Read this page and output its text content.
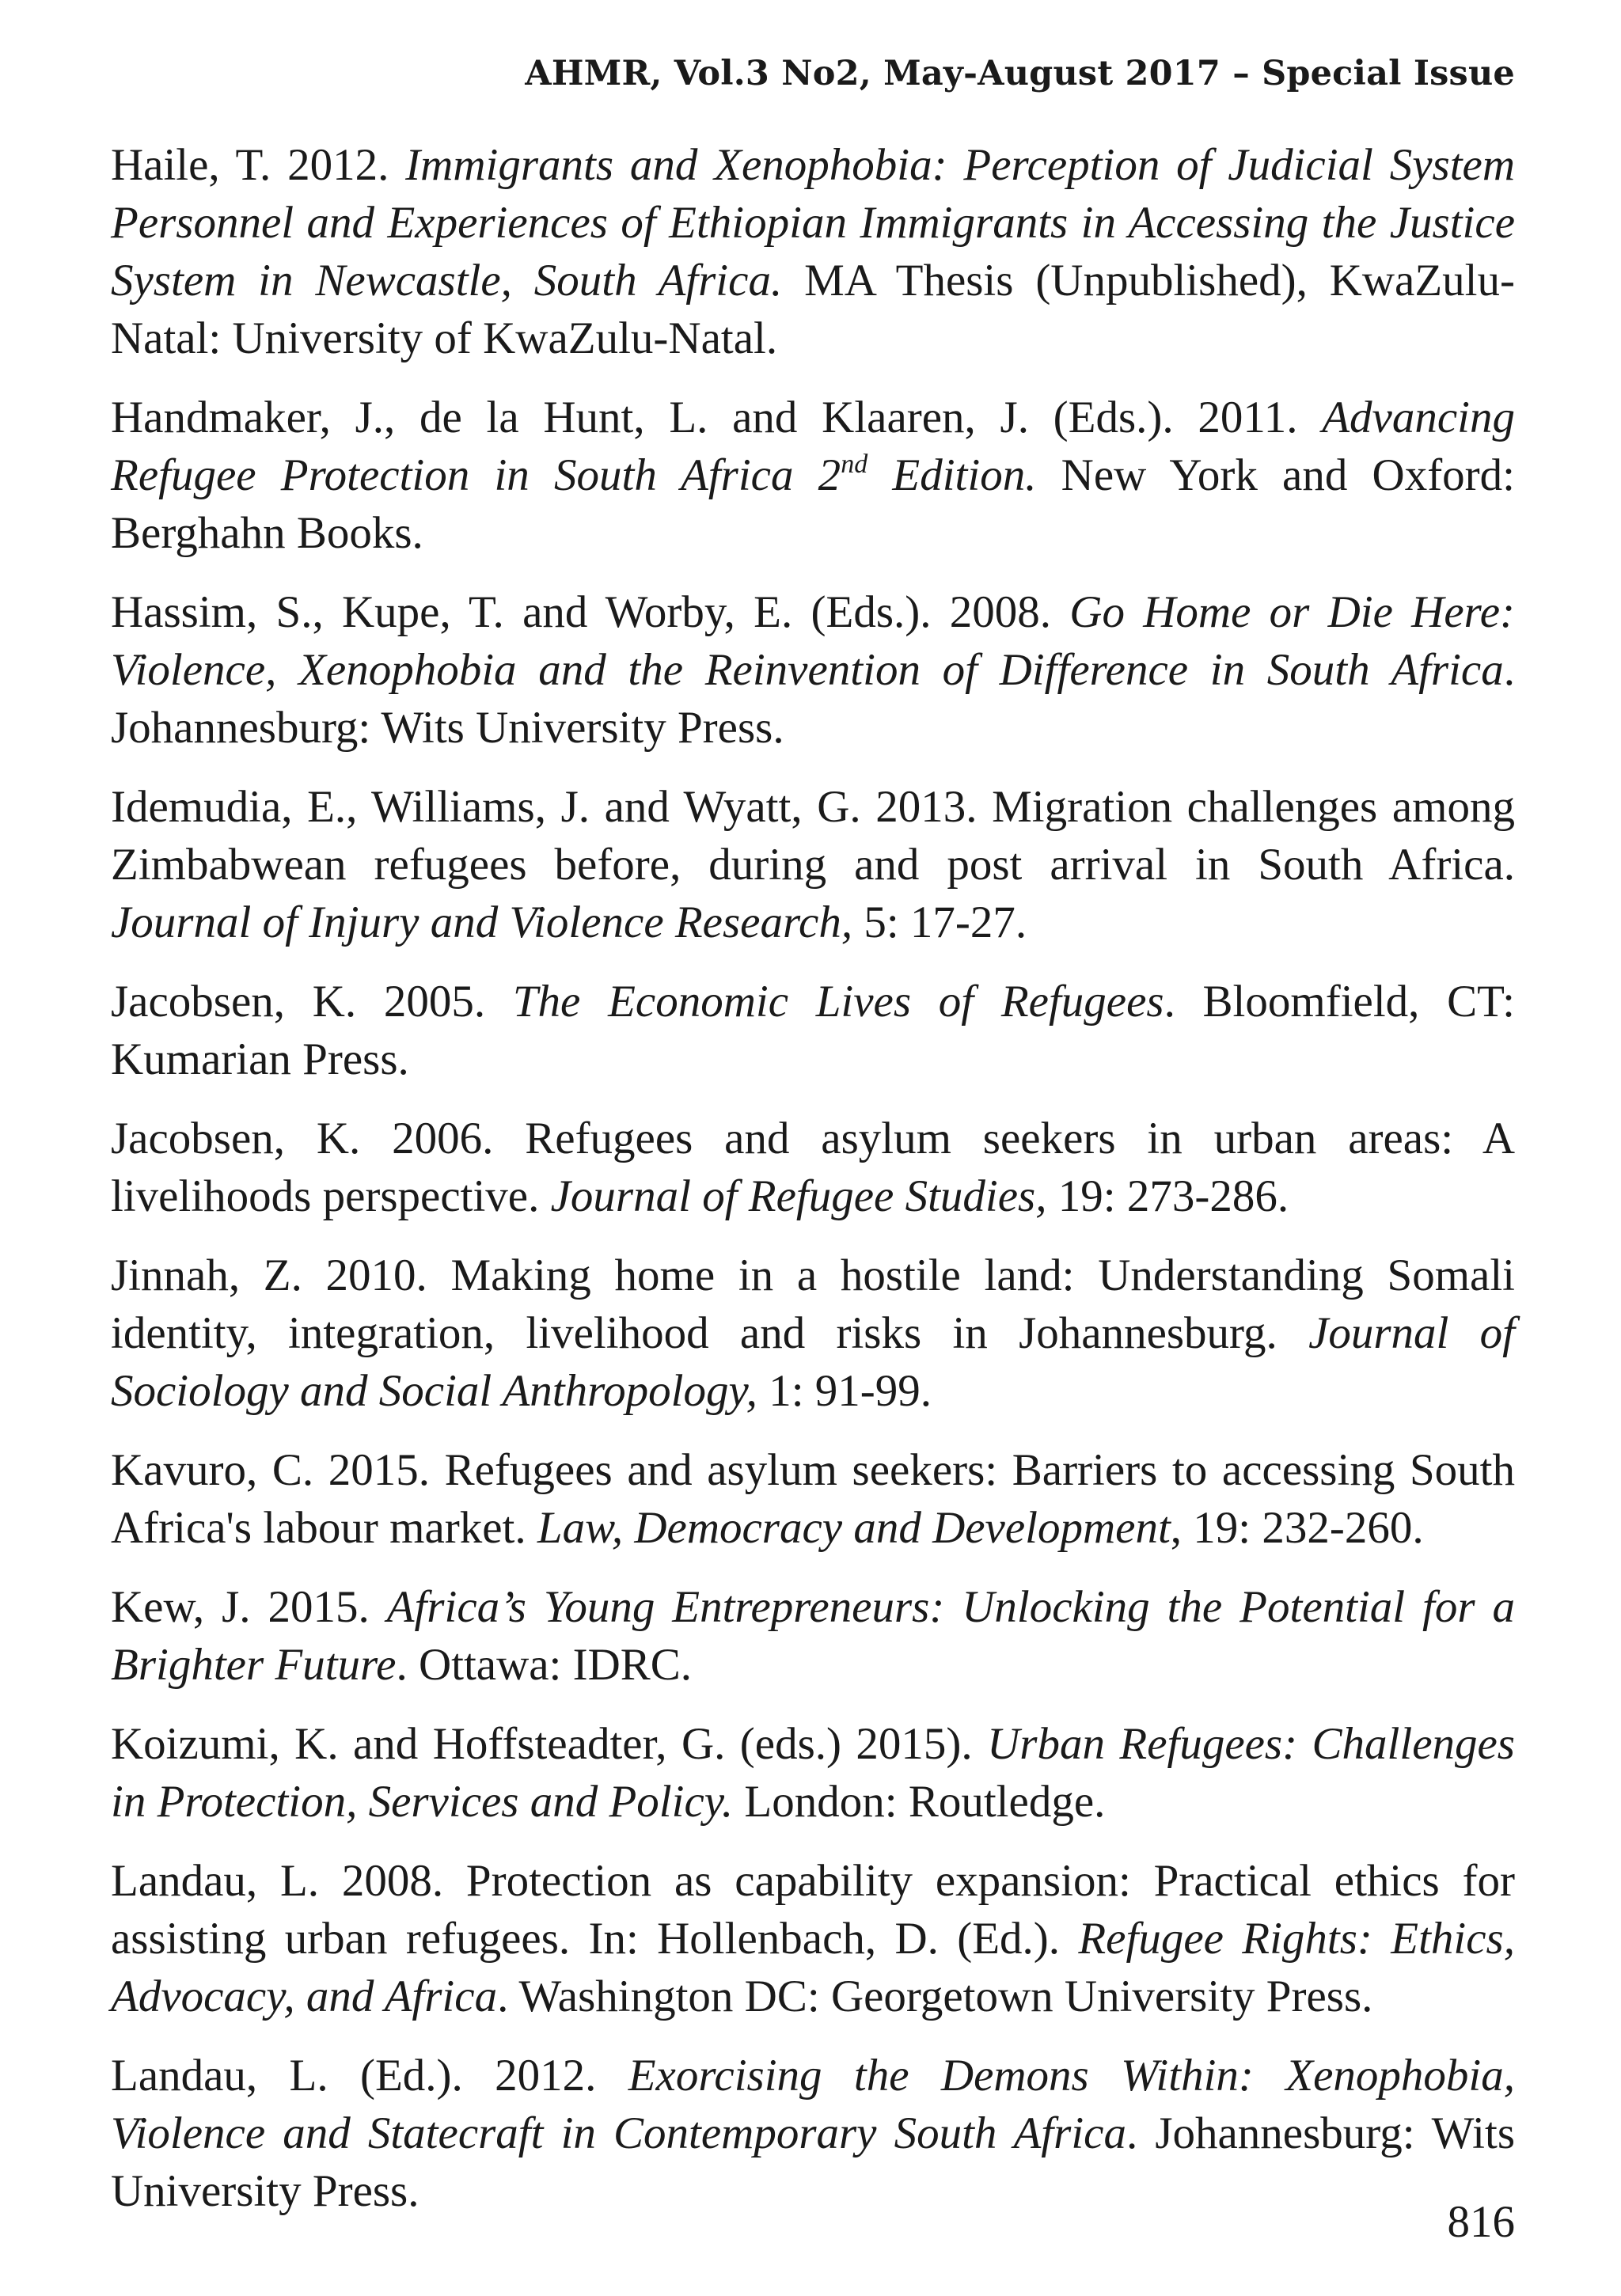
AHMR, Vol.3 No2, May-August 2017 – Special Issue

Haile, T. 2012. Immigrants and Xenophobia: Perception of Judicial System Personnel and Experiences of Ethiopian Immigrants in Accessing the Justice System in Newcastle, South Africa. MA Thesis (Unpublished), KwaZulu-Natal: University of KwaZulu-Natal.

Handmaker, J., de la Hunt, L. and Klaaren, J. (Eds.). 2011. Advancing Refugee Protection in South Africa 2nd Edition. New York and Oxford: Berghahn Books.

Hassim, S., Kupe, T. and Worby, E. (Eds.). 2008. Go Home or Die Here: Violence, Xenophobia and the Reinvention of Difference in South Africa. Johannesburg: Wits University Press.

Idemudia, E., Williams, J. and Wyatt, G. 2013. Migration challenges among Zimbabwean refugees before, during and post arrival in South Africa. Journal of Injury and Violence Research, 5: 17-27.

Jacobsen, K. 2005. The Economic Lives of Refugees. Bloomfield, CT: Kumarian Press.

Jacobsen, K. 2006. Refugees and asylum seekers in urban areas: A livelihoods perspective. Journal of Refugee Studies, 19: 273-286.

Jinnah, Z. 2010. Making home in a hostile land: Understanding Somali identity, integration, livelihood and risks in Johannesburg. Journal of Sociology and Social Anthropology, 1: 91-99.

Kavuro, C. 2015. Refugees and asylum seekers: Barriers to accessing South Africa's labour market. Law, Democracy and Development, 19: 232-260.

Kew, J. 2015. Africa’s Young Entrepreneurs: Unlocking the Potential for a Brighter Future. Ottawa: IDRC.

Koizumi, K. and Hoffsteadter, G. (eds.) 2015). Urban Refugees: Challenges in Protection, Services and Policy. London: Routledge.

Landau, L. 2008. Protection as capability expansion: Practical ethics for assisting urban refugees. In: Hollenbach, D. (Ed.). Refugee Rights: Ethics, Advocacy, and Africa. Washington DC: Georgetown University Press.

Landau, L. (Ed.). 2012. Exorcising the Demons Within: Xenophobia, Violence and Statecraft in Contemporary South Africa. Johannesburg: Wits University Press.

816
